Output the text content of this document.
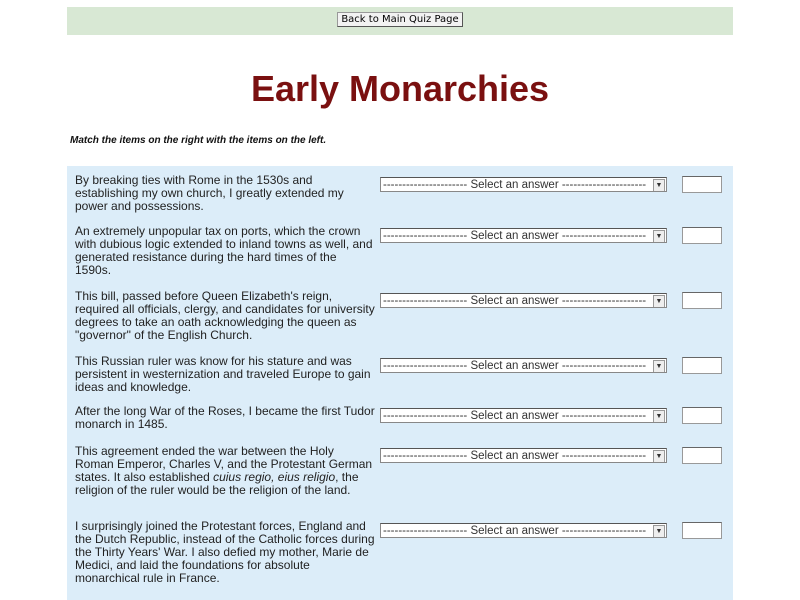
Back to Main Quiz Page
Early Monarchies
Match the items on the right with the items on the left.
By breaking ties with Rome in the 1530s and establishing my own church, I greatly extended my power and possessions.
---------------------- Select an answer ----------------------	▼
An extremely unpopular tax on ports, which the crown with dubious logic extended to inland towns as well, and generated resistance during the hard times of the 1590s.
---------------------- Select an answer ----------------------	▼
This bill, passed before Queen Elizabeth's reign, required all officials, clergy, and candidates for university degrees to take an oath acknowledging the queen as "governor" of the English Church.
---------------------- Select an answer ----------------------	▼
This Russian ruler was know for his stature and was persistent in westernization and traveled Europe to gain ideas and knowledge.
---------------------- Select an answer ----------------------	▼
After the long War of the Roses, I became the first Tudor monarch in 1485.
---------------------- Select an answer ----------------------	▼
This agreement ended the war between the Holy Roman Emperor, Charles V, and the Protestant German states. It also established cuius regio, eius religio, the religion of the ruler would be the religion of the land.
---------------------- Select an answer ----------------------	▼
I surprisingly joined the Protestant forces, England and the Dutch Republic, instead of the Catholic forces during the Thirty Years' War. I also defied my mother, Marie de Medici, and laid the foundations for absolute monarchical rule in France.
---------------------- Select an answer ----------------------	▼
